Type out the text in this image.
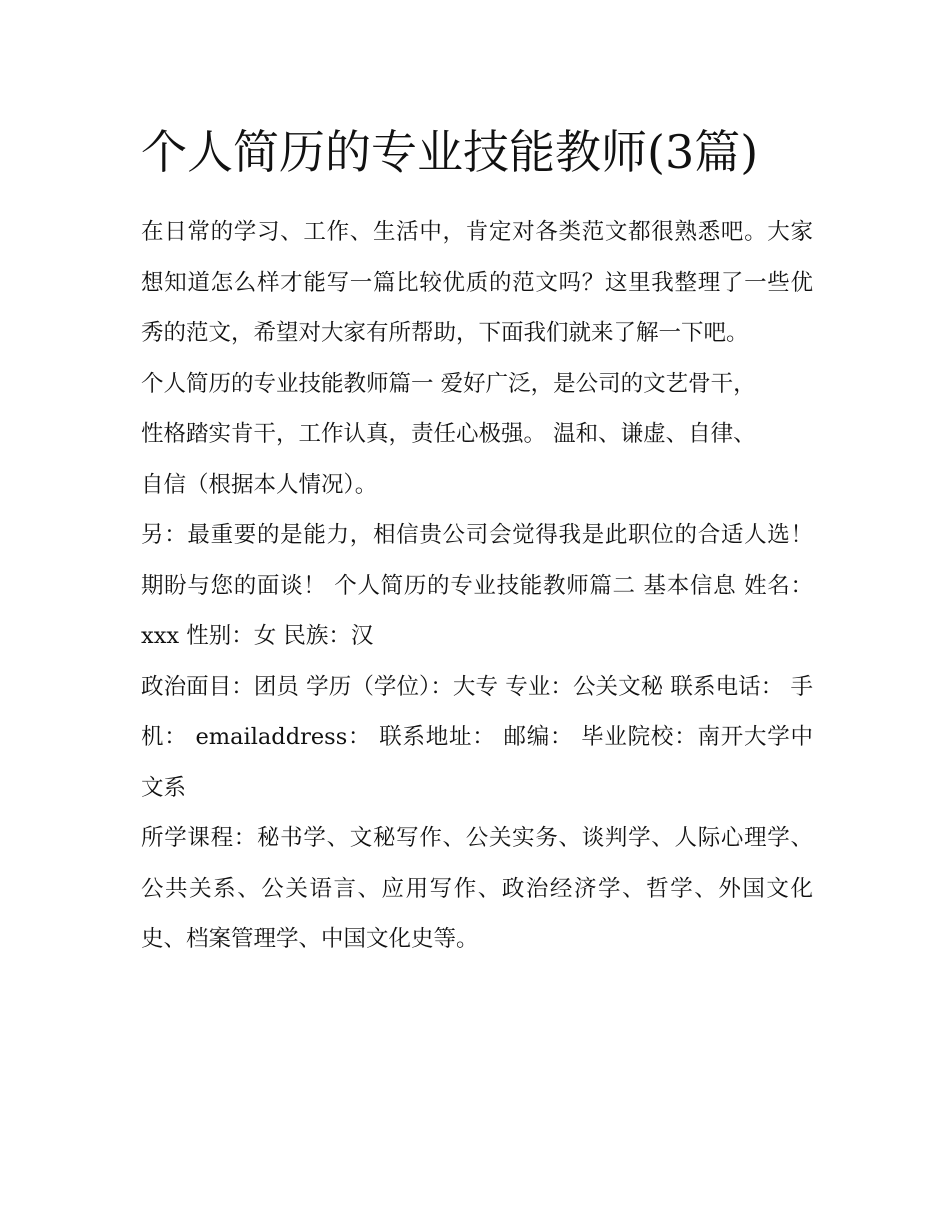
个人简历的专业技能教师(3篇)

在日常的学习、工作、生活中，肯定对各类范文都很熟悉吧。大家想知道怎么样才能写一篇比较优质的范文吗？这里我整理了一些优秀的范文，希望对大家有所帮助，下面我们就来了解一下吧。

个人简历的专业技能教师篇一 爱好广泛，是公司的文艺骨干，性格踏实肯干，工作认真，责任心极强。 温和、谦虚、自律、自信（根据本人情况）。

另：最重要的是能力，相信贵公司会觉得我是此职位的合适人选！ 期盼与您的面谈！ 个人简历的专业技能教师篇二 基本信息 姓名：xxx 性别：女 民族：汉

政治面目：团员 学历（学位）：大专 专业：公关文秘 联系电话： 手机： emailaddress： 联系地址： 邮编： 毕业院校：南开大学中文系

所学课程：秘书学、文秘写作、公关实务、谈判学、人际心理学、公共关系、公关语言、应用写作、政治经济学、哲学、外国文化史、档案管理学、中国文化史等。
